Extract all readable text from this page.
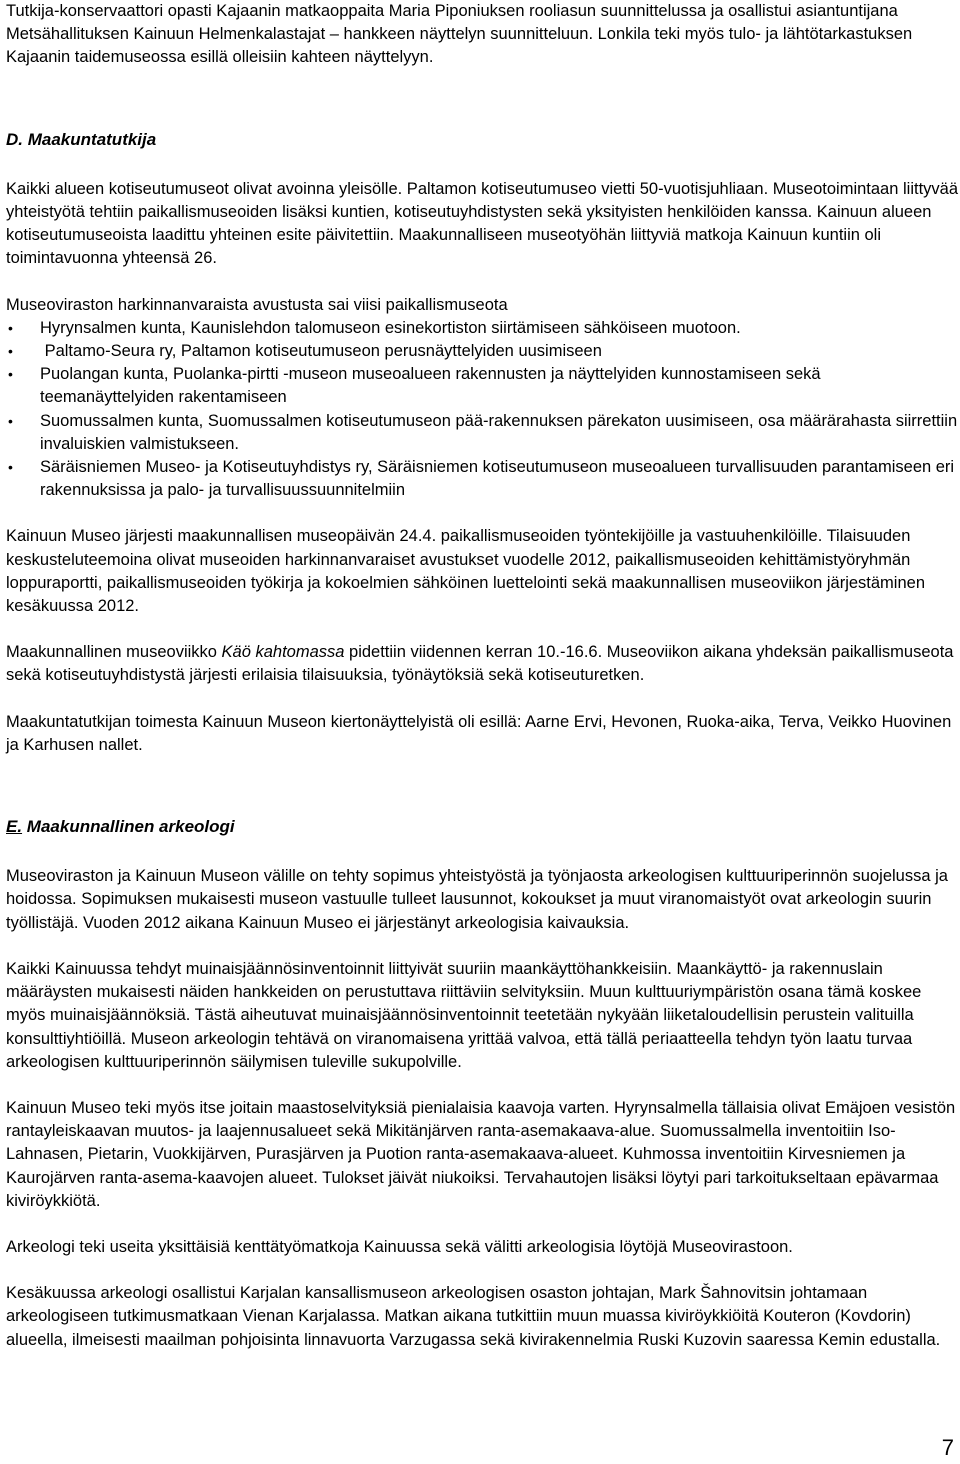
Tutkija-konservaattori opasti Kajaanin matkaoppaita Maria Piponiuksen rooliasun suunnittelussa ja osallistui asiantuntijana Metsähallituksen Kainuun Helmenkalastajat – hankkeen näyttelyn suunnitteluun. Lonkila teki myös tulo- ja lähtötarkastuksen Kajaanin taidemuseossa esillä olleisiin kahteen näyttelyyn.

D. Maakuntatutkija

Kaikki alueen kotiseutumuseot olivat avoinna yleisölle. Paltamon kotiseutumuseo vietti 50-vuotisjuhliaan. Museotoimintaan liittyvää yhteistyötä tehtiin paikallismuseoiden lisäksi kuntien, kotiseutuyhdistysten sekä yksityisten henkilöiden kanssa. Kainuun alueen kotiseutumuseoista laadittu yhteinen esite päivitettiin. Maakunnalliseen museotyöhän liittyviä matkoja Kainuun kuntiin oli toimintavuonna yhteensä 26.

Museoviraston harkinnanvaraista avustusta sai viisi paikallismuseota

• Hyrynsalmen kunta, Kaunislehdon talomuseon esinekortiston siirtämiseen sähköiseen muotoon.
• Paltamo-Seura ry, Paltamon kotiseutumuseon perusnäyttelyiden uusimiseen
• Puolangan kunta, Puolanka-pirtti -museon museoalueen rakennusten ja näyttelyiden kunnostamiseen sekä teemanäyttelyiden rakentamiseen
• Suomussalmen kunta, Suomussalmen kotiseutumuseon pää-rakennuksen pärekaton uusimiseen, osa määrärahasta siirrettiin invaluiskien valmistukseen.
• Säräisniemen Museo- ja Kotiseutuyhdistys ry, Säräisniemen kotiseutumuseon museoalueen turvallisuuden parantamiseen eri rakennuksissa ja palo- ja turvallisuussuunnitelmiin

Kainuun Museo järjesti maakunnallisen museopäivän 24.4. paikallismuseoiden työntekijöille ja vastuuhenkilöille. Tilaisuuden keskusteluteemoina olivat museoiden harkinnanvaraiset avustukset vuodelle 2012, paikallismuseoiden kehittämistyöryhmän loppuraportti, paikallismuseoiden työkirja ja kokoelmien sähköinen luettelointi sekä maakunnallisen museoviikon järjestäminen kesäkuussa 2012.

Maakunnallinen museoviikko Käö kahtomassa pidettiin viidennen kerran 10.-16.6. Museoviikon aikana yhdeksän paikallismuseota sekä kotiseutuyhdistystä järjesti erilaisia tilaisuuksia, työnäytöksiä sekä kotiseuturetken.

Maakuntatutkijan toimesta Kainuun Museon kiertonäyttelyistä oli esillä: Aarne Ervi, Hevonen, Ruoka-aika, Terva, Veikko Huovinen ja Karhusen nallet.

E. Maakunnallinen arkeologi

Museoviraston ja Kainuun Museon välille on tehty sopimus yhteistyöstä ja työnjaosta arkeologisen kulttuuriperinnön suojelussa ja hoidossa. Sopimuksen mukaisesti museon vastuulle tulleet lausunnot, kokoukset ja muut viranomaistyöt ovat arkeologin suurin työllistäjä. Vuoden 2012 aikana Kainuun Museo ei järjestänyt arkeologisia kaivauksia.

Kaikki Kainuussa tehdyt muinaisjäännösinventoinnit liittyivät suuriin maankäyttöhankkeisiin. Maankäyttö- ja rakennuslain määräysten mukaisesti näiden hankkeiden on perustuttava riittäviin selvityksiin. Muun kulttuuriympäristön osana tämä koskee myös muinaisjäännöksiä. Tästä aiheutuvat muinaisjäännösinventoinnit teetetään nykyään liiketaloudellisin perustein valituilla konsulttiyhtiöillä. Museon arkeologin tehtävä on viranomaisena yrittää valvoa, että tällä periaatteella tehdyn työn laatu turvaa arkeologisen kulttuuriperinnön säilymisen tuleville sukupolville.

Kainuun Museo teki myös itse joitain maastoselvityksiä pienialaisia kaavoja varten. Hyrynsalmella tällaisia olivat Emäjoen vesistön rantayleiskaavan muutos- ja laajennusalueet sekä Mikitänjärven ranta-asemakaava-alue. Suomussalmella inventoitiin Iso-Lahnasen, Pietarin, Vuokkijärven, Purasjärven ja Puotion ranta-asemakaava-alueet. Kuhmossa inventoitiin Kirvesniemen ja Kaurojärven ranta-asema-kaavojen alueet. Tulokset jäivät niukoiksi. Tervahautojen lisäksi löytyi pari tarkoitukseltaan epävarmaa kiviröykkiötä.

Arkeologi teki useita yksittäisiä kenttätyömatkoja Kainuussa sekä välitti arkeologisia löytöjä Museovirastoon.

Kesäkuussa arkeologi osallistui Karjalan kansallismuseon arkeologisen osaston johtajan, Mark Šahnovitsin johtamaan arkeologiseen tutkimusmatkaan Vienan Karjalassa. Matkan aikana tutkittiin muun muassa kiviröykkiöitä Kouteron (Kovdorin) alueella, ilmeisesti maailman pohjoisinta linnavuorta Varzugassa sekä kivirakennelmia Ruski Kuzovin saaressa Kemin edustalla.

7
